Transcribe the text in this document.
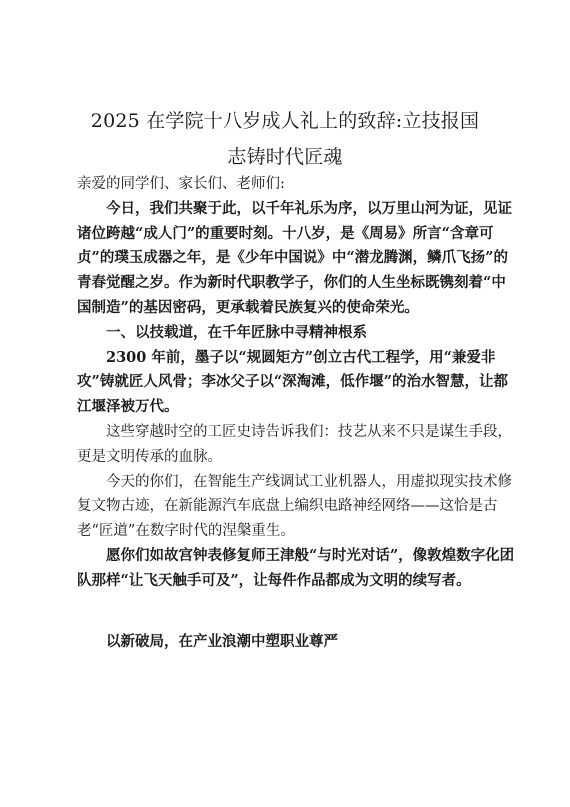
2025 在学院十八岁成人礼上的致辞:立技报国
志铸时代匠魂

亲爱的同学们、家长们、老师们:

今日，我们共聚于此，以千年礼乐为序，以万里山河为证，见证诸位跨越“成人门”的重要时刻。十八岁，是《周易》所言“含章可贞”的璞玉成器之年，是《少年中国说》中“潜龙腾渊，鳞爪飞扬”的青春觉醒之岁。作为新时代职教学子，你们的人生坐标既镌刻着“中国制造”的基因密码，更承载着民族复兴的使命荣光。

一、以技载道，在千年匠脉中寻精神根系

2300 年前，墨子以“规圆矩方”创立古代工程学，用“兼爱非攻”铸就匠人风骨；李冰父子以“深淘滩，低作堰”的治水智慧，让都江堰泽被万代。

这些穿越时空的工匠史诗告诉我们：技艺从来不只是谋生手段，更是文明传承的血脉。

今天的你们，在智能生产线调试工业机器人，用虚拟现实技术修复文物古迹，在新能源汽车底盘上编织电路神经网络——这恰是古老“匠道”在数字时代的涅槃重生。

愿你们如故宫钟表修复师王津般“与时光对话”，像敦煌数字化团队那样“让飞天触手可及”，让每件作品都成为文明的续写者。

以新破局，在产业浪潮中塑职业尊严
